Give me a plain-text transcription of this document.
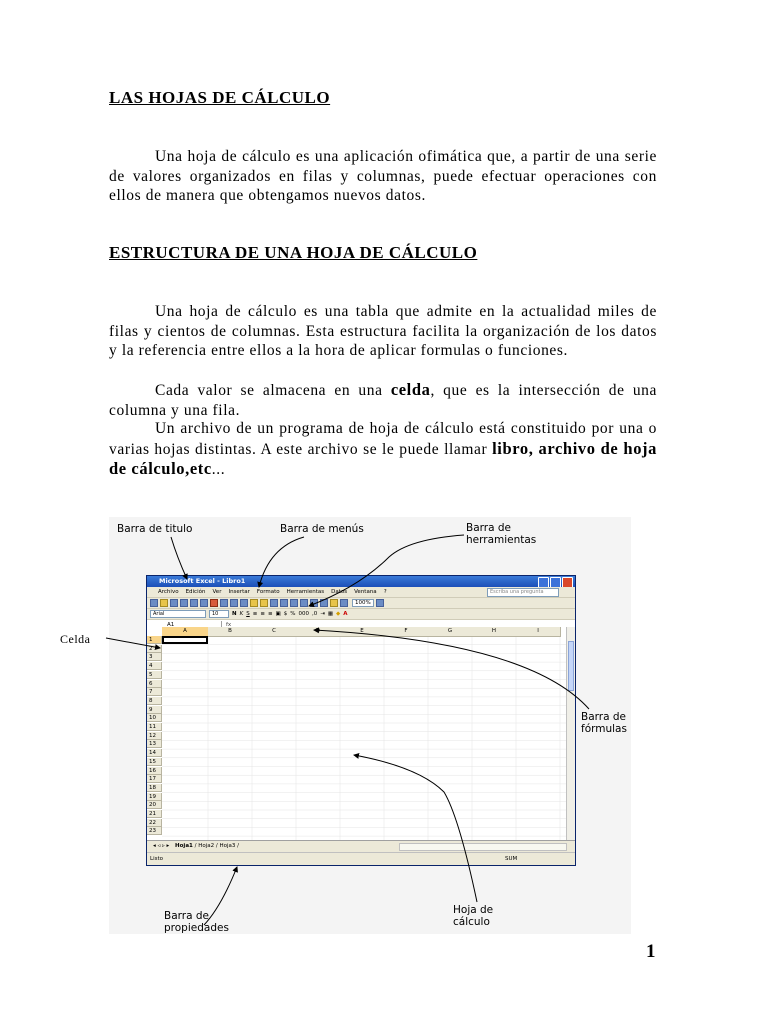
LAS HOJAS DE CÁLCULO

Una hoja de cálculo es una aplicación ofimática que, a partir de una serie de valores organizados en filas y columnas, puede efectuar operaciones con ellos de manera que obtengamos nuevos datos.

ESTRUCTURA DE UNA HOJA DE CÁLCULO

Una hoja de cálculo es una tabla que admite en la actualidad miles de filas y cientos de columnas. Esta estructura facilita la organización de los datos y la referencia entre ellos a la hora de aplicar formulas o funciones.

Cada valor se almacena en una celda, que es la intersección de una columna y una fila.

Un archivo de un programa de hoja de cálculo está constituido por una o varias hojas distintas. A este archivo se le puede llamar libro, archivo de hoja de cálculo,etc...

Celda
Barra de titulo	Barra de menús	Barra de herramientas
Barra de fórmulas
Barra de propiedades
Hoja de cálculo
Microsoft Excel - Libro1
Archivo Edición Ver Insertar Formato Herramientas Datos Ventana ?	Escriba una pregunta
100%
Arial	10	N K S ≡ ≡ ≡ ▣ $ % 000 ,0 ⇥ ▦ ◆ A
A1	fx
A	B	C	D	E	F	G	H	I
1
2
3
4
5
6
7
8
9
10
11
12
13
14
15
16
17
18
19
20
21
22
23
◂ ◃ ▹ ▸ Hoja1 / Hoja2 / Hoja3 /
Listo	SUM
1
